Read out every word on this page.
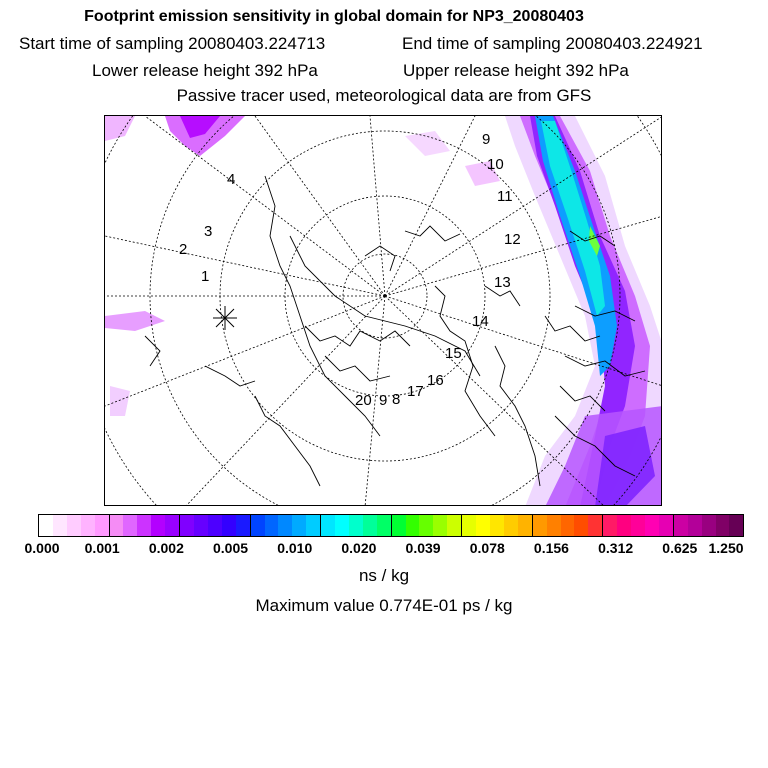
Footprint emission sensitivity in global domain for NP3_20080403
Start time of sampling 20080403.224713	End time of sampling 20080403.224921
Lower release height 392 hPa	Upper release height 392 hPa
Passive tracer used, meteorological data are from GFS
1
2
3
4
9
10
11
12
13
14
15
16
17
20 9 8
0.000 0.001 0.002 0.005 0.010 0.020 0.039 0.078 0.156 0.312 0.625 1.250
ns / kg
Maximum value 0.774E-01 ps / kg
